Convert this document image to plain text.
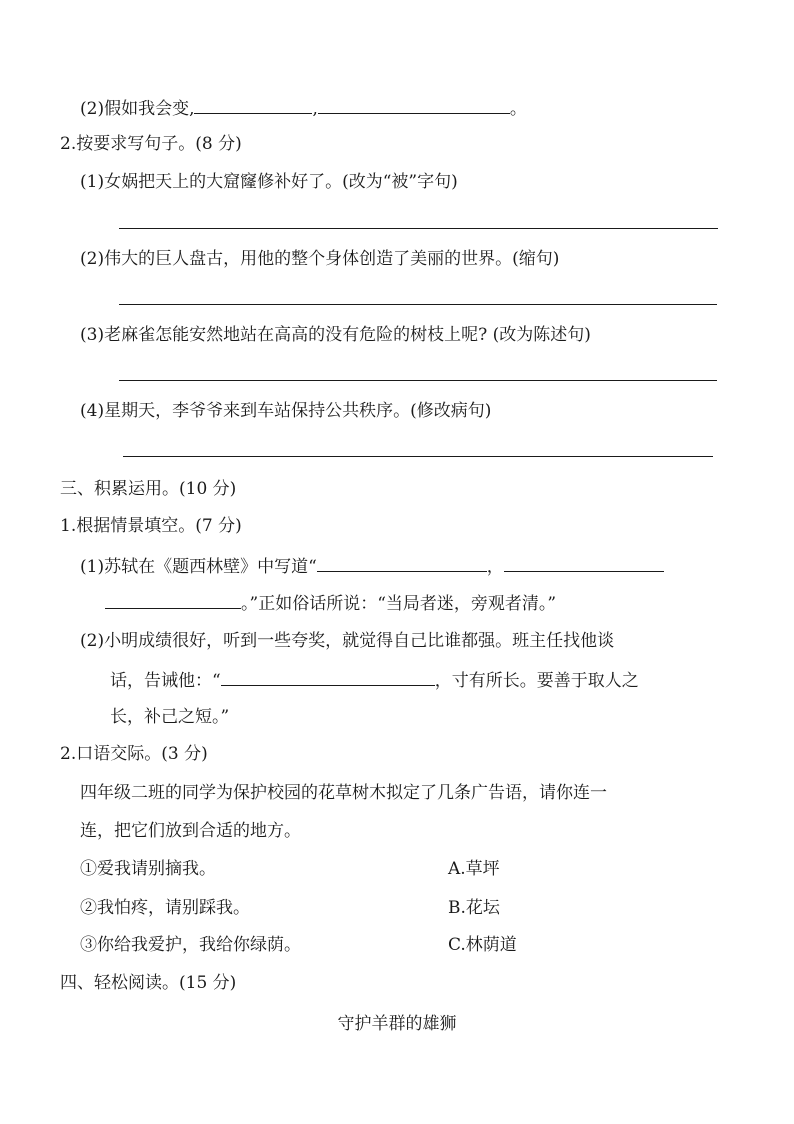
(2)假如我会变,	,	。
2.按要求写句子。(8 分)
(1)女娲把天上的大窟窿修补好了。(改为“被”字句)
(2)伟大的巨人盘古，用他的整个身体创造了美丽的世界。(缩句)
(3)老麻雀怎能安然地站在高高的没有危险的树枝上呢? (改为陈述句)
(4)星期天，李爷爷来到车站保持公共秩序。(修改病句)
三、积累运用。(10 分)
1.根据情景填空。(7 分)
(1)苏轼在《题西林壁》中写道“	，
。”正如俗话所说：“当局者迷，旁观者清。”
(2)小明成绩很好，听到一些夸奖，就觉得自己比谁都强。班主任找他谈
话，告诫他：“	，寸有所长。要善于取人之
长，补己之短。”
2.口语交际。(3 分)
四年级二班的同学为保护校园的花草树木拟定了几条广告语，请你连一
连，把它们放到合适的地方。
①爱我请别摘我。	A.草坪
②我怕疼，请别踩我。	B.花坛
③你给我爱护，我给你绿荫。	C.林荫道
四、轻松阅读。(15 分)
守护羊群的雄狮
